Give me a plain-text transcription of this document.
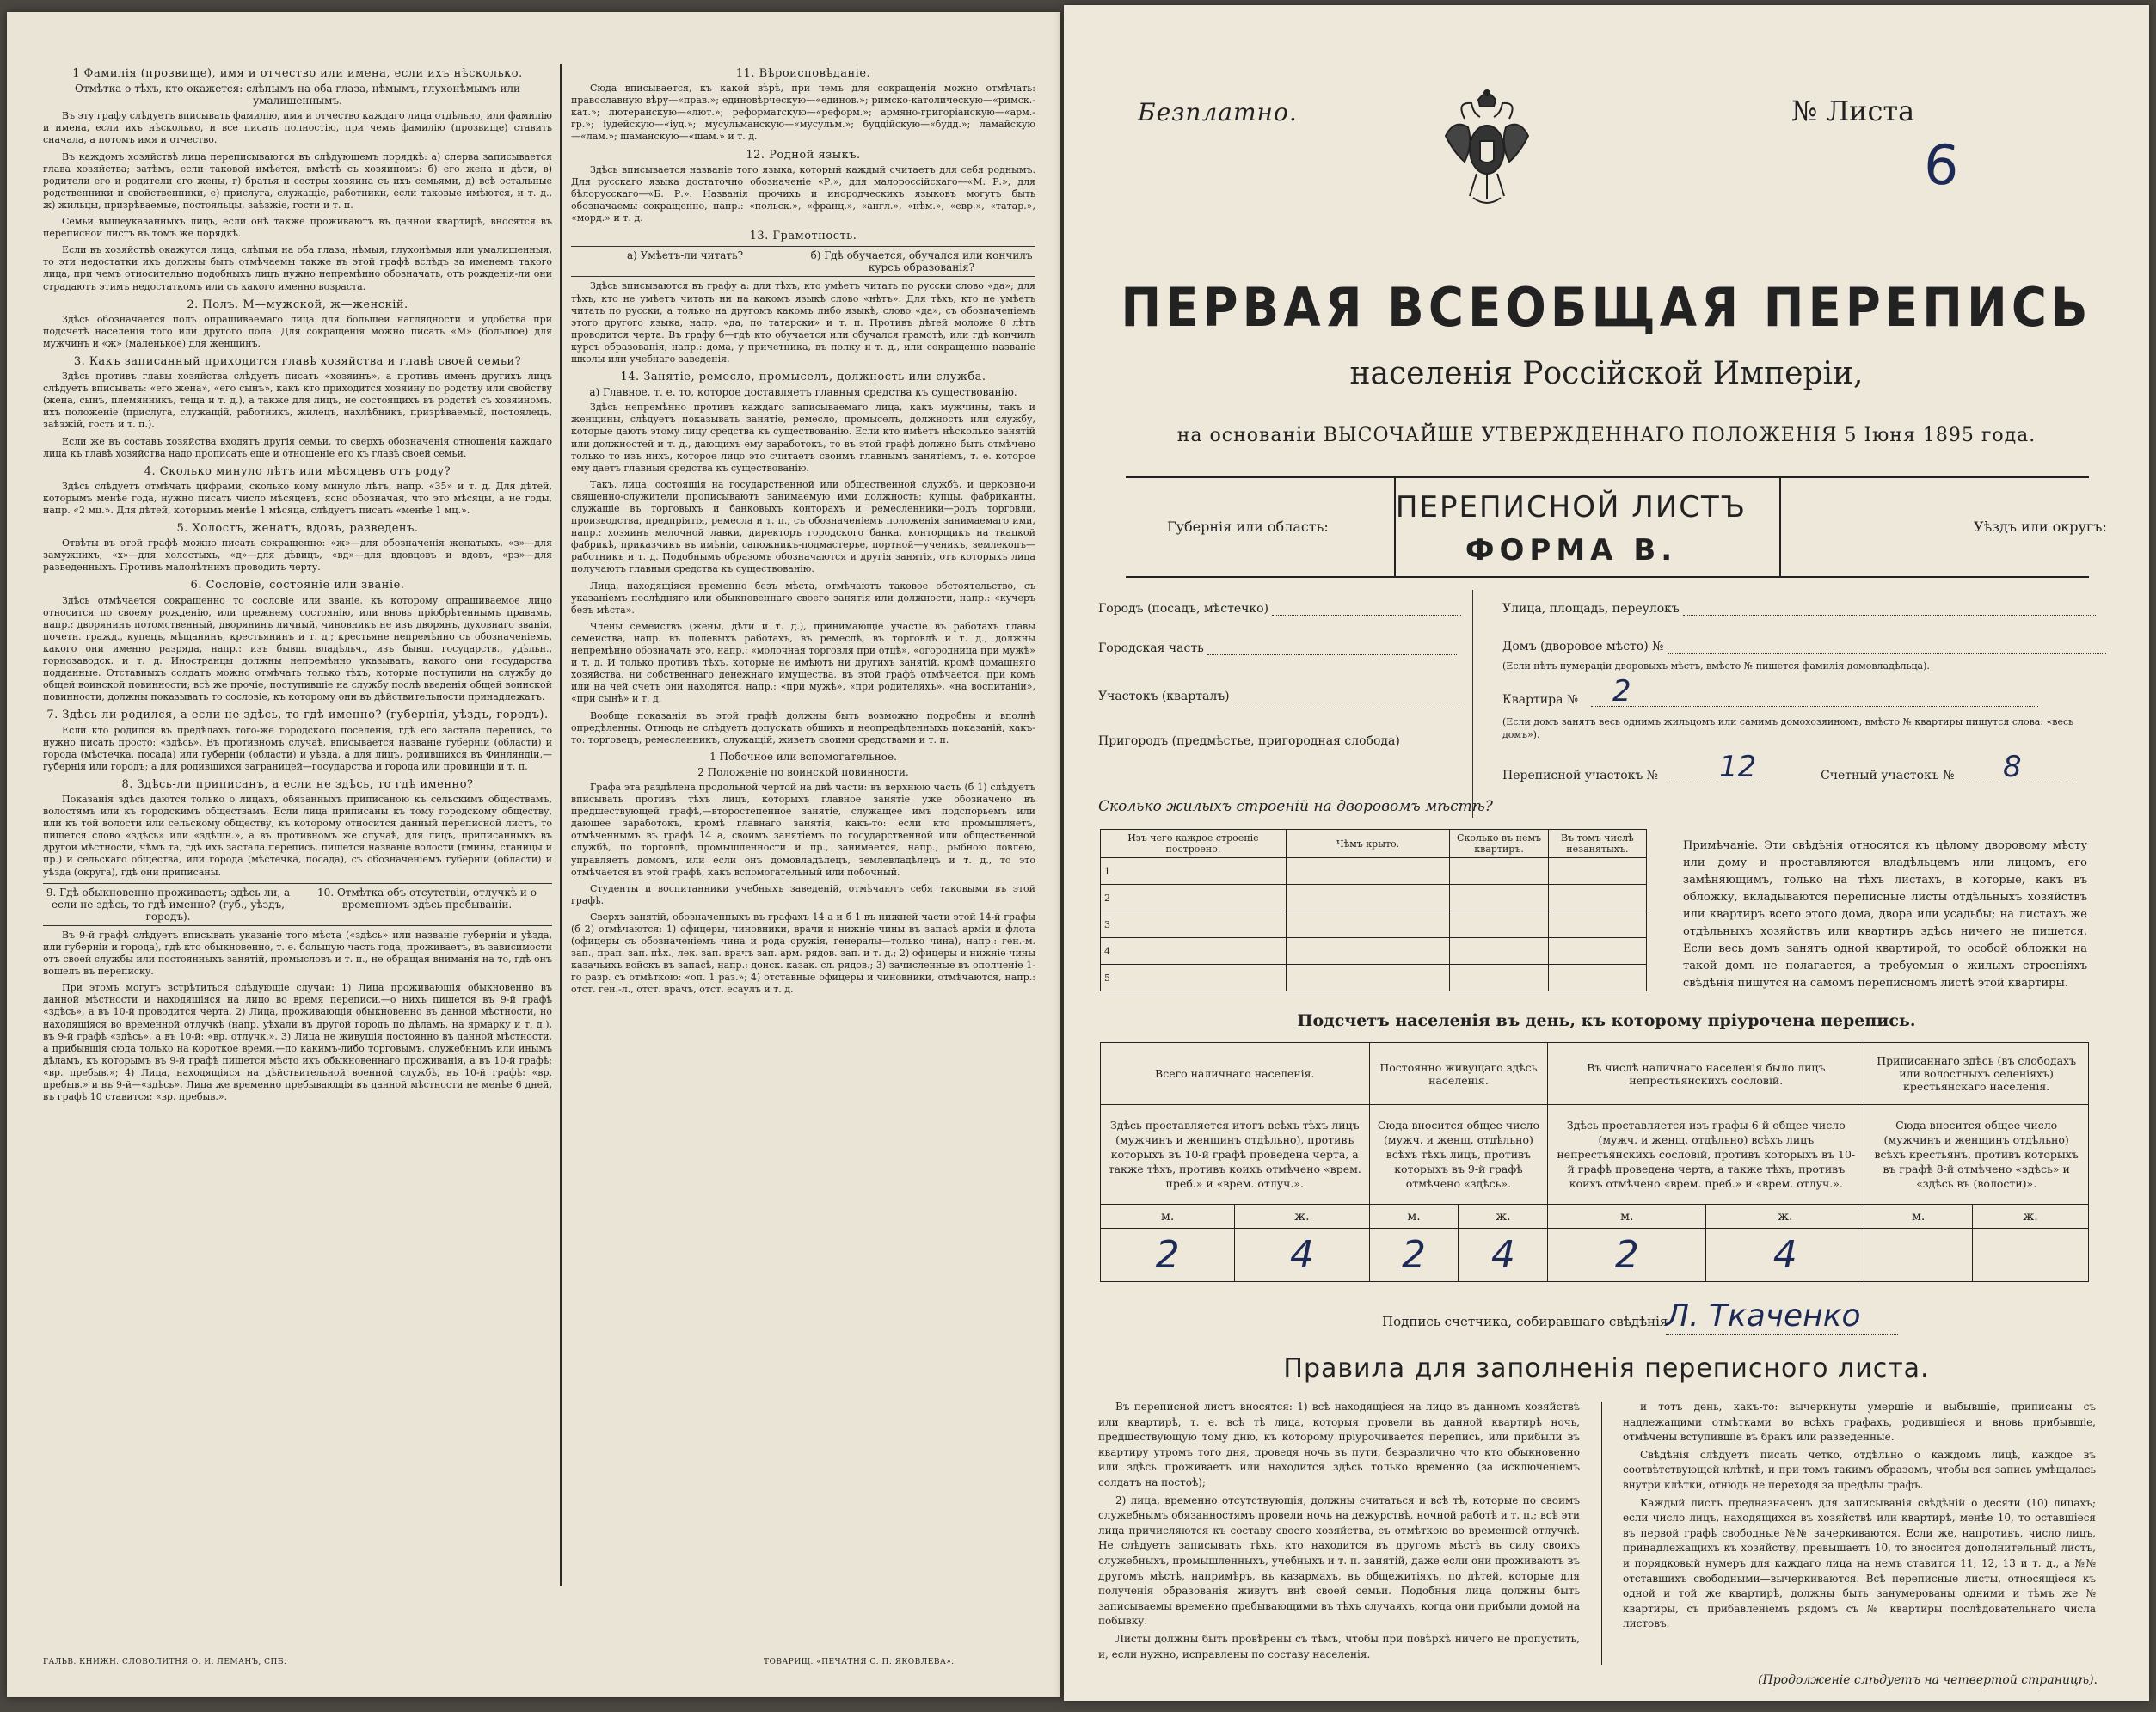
1 Фамилія (прозвище), имя и отчество или имена, если ихъ нѣсколько.
Отмѣтка о тѣхъ, кто окажется: слѣпымъ на оба глаза, нѣмымъ, глухонѣмымъ или умалишеннымъ.

Въ эту графу слѣдуетъ вписывать фамилію, имя и отчество каждаго лица отдѣльно, или фамилію и имена, если ихъ нѣсколько, и все писать полностію, при чемъ фамилію (прозвище) ставить сначала, а потомъ имя и отчество.

Въ каждомъ хозяйствѣ лица переписываются въ слѣдующемъ порядкѣ: а) сперва записывается глава хозяйства; затѣмъ, если таковой имѣется, вмѣстѣ съ хозяиномъ: б) его жена и дѣти, в) родители его и родители его жены, г) братья и сестры хозяина съ ихъ семьями, д) всѣ остальные родственники и свойственники, е) прислуга, служащіе, работники, если таковые имѣются, и т. д., ж) жильцы, призрѣваемые, постояльцы, заѣзжіе, гости и т. п.

Семьи вышеуказанныхъ лицъ, если онѣ также проживаютъ въ данной квартирѣ, вносятся въ переписной листъ въ томъ же порядкѣ.

Если въ хозяйствѣ окажутся лица, слѣпыя на оба глаза, нѣмыя, глухонѣмыя или умалишенныя, то эти недостатки ихъ должны быть отмѣчаемы также въ этой графѣ вслѣдъ за именемъ такого лица, при чемъ относительно подобныхъ лицъ нужно непремѣнно обозначать, отъ рожденія-ли они страдаютъ этимъ недостаткомъ или съ какого именно возраста.

2. Полъ. М—мужской, ж—женскій.

Здѣсь обозначается полъ опрашиваемаго лица для большей наглядности и удобства при подсчетѣ населенія того или другого пола. Для сокращенія можно писать «М» (большое) для мужчинъ и «ж» (маленькое) для женщинъ.

3. Какъ записанный приходится главѣ хозяйства и главѣ своей семьи?

Здѣсь противъ главы хозяйства слѣдуетъ писать «хозяинъ», а противъ именъ другихъ лицъ слѣдуетъ вписывать: «его жена», «его сынъ», какъ кто приходится хозяину по родству или свойству (жена, сынъ, племянникъ, теща и т. д.), а также для лицъ, не состоящихъ въ родствѣ съ хозяиномъ, ихъ положеніе (прислуга, служащій, работникъ, жилецъ, нахлѣбникъ, призрѣваемый, постоялецъ, заѣзжій, гость и т. п.).

Если же въ составъ хозяйства входятъ другія семьи, то сверхъ обозначенія отношенія каждаго лица къ главѣ хозяйства надо прописать еще и отношеніе его къ главѣ своей семьи.

4. Сколько минуло лѣтъ или мѣсяцевъ отъ роду?

Здѣсь слѣдуетъ отмѣчать цифрами, сколько кому минуло лѣтъ, напр. «35» и т. д. Для дѣтей, которымъ менѣе года, нужно писать число мѣсяцевъ, ясно обозначая, что это мѣсяцы, а не годы, напр. «2 мц.». Для дѣтей, которымъ менѣе 1 мѣсяца, слѣдуетъ писать «менѣе 1 мц.».

5. Холостъ, женатъ, вдовъ, разведенъ.

Отвѣты въ этой графѣ можно писать сокращенно: «ж»—для обозначенія женатыхъ, «з»—для замужнихъ, «х»—для холостыхъ, «д»—для дѣвицъ, «вд»—для вдовцовъ и вдовъ, «рз»—для разведенныхъ. Противъ малолѣтнихъ проводить черту.

6. Сословіе, состояніе или званіе.

Здѣсь отмѣчается сокращенно то сословіе или званіе, къ которому опрашиваемое лицо относится по своему рожденію, или прежнему состоянію, или вновь пріобрѣтеннымъ правамъ, напр.: дворянинъ потомственный, дворянинъ личный, чиновникъ не изъ дворянъ, духовнаго званія, почетн. гражд., купецъ, мѣщанинъ, крестьянинъ и т. д.; крестьяне непремѣнно съ обозначеніемъ, какого они именно разряда, напр.: изъ бывш. владѣльч., изъ бывш. государств., удѣльн., горнозаводск. и т. д. Иностранцы должны непремѣнно указывать, какого они государства подданные. Отставныхъ солдатъ можно отмѣчать только тѣхъ, которые поступили на службу до общей воинской повинности; всѣ же прочіе, поступившіе на службу послѣ введенія общей воинской повинности, должны показывать то сословіе, къ которому они въ дѣйствительности принадлежатъ.

7. Здѣсь-ли родился, а если не здѣсь, то гдѣ именно? (губернія, уѣздъ, городъ).

Если кто родился въ предѣлахъ того-же городского поселенія, гдѣ его застала перепись, то нужно писать просто: «здѣсь». Въ противномъ случаѣ, вписывается названіе губерніи (области) и города (мѣстечка, посада) или губерніи (области) и уѣзда, а для лицъ, родившихся въ Финляндіи,—губернія или городъ; а для родившихся заграницей—государства и города или провинціи и т. п.

8. Здѣсь-ли приписанъ, а если не здѣсь, то гдѣ именно?

Показанія здѣсь даются только о лицахъ, обязанныхъ приписаною къ сельскимъ обществамъ, волостямъ или къ городскимъ обществамъ. Если лица приписаны къ тому городскому обществу, или къ той волости или сельскому обществу, къ которому относится данный переписной листъ, то пишется слово «здѣсь» или «здѣшн.», а въ противномъ же случаѣ, для лицъ, приписанныхъ въ другой мѣстности, чѣмъ та, гдѣ ихъ застала перепись, пишется названіе волости (гмины, станицы и пр.) и сельскаго общества, или города (мѣстечка, посада), съ обозначеніемъ губерніи (области) и уѣзда (округа), гдѣ они приписаны.

9. Гдѣ обыкновенно проживаетъ; здѣсь-ли, а если не здѣсь, то гдѣ именно? (губ., уѣздъ, городъ).
10. Отмѣтка объ отсутствіи, отлучкѣ и о временномъ здѣсь пребываніи.

Въ 9-й графѣ слѣдуетъ вписывать указаніе того мѣста («здѣсь» или названіе губерніи и уѣзда, или губерніи и города), гдѣ кто обыкновенно, т. е. большую часть года, проживаетъ, въ зависимости отъ своей службы или постоянныхъ занятій, промысловъ и т. п., не обращая вниманія на то, гдѣ онъ вошелъ въ переписку.

При этомъ могутъ встрѣтиться слѣдующіе случаи: 1) Лица проживающія обыкновенно въ данной мѣстности и находящіяся на лицо во время переписи,—о нихъ пишется въ 9-й графѣ «здѣсь», а въ 10-й проводится черта. 2) Лица, проживающія обыкновенно въ данной мѣстности, но находящіяся во временной отлучкѣ (напр. уѣхали въ другой городъ по дѣламъ, на ярмарку и т. д.), въ 9-й графѣ «здѣсь», а въ 10-й: «вр. отлучк.». 3) Лица не живущія постоянно въ данной мѣстности, а прибывшія сюда только на короткое время,—по какимъ-либо торговымъ, служебнымъ или инымъ дѣламъ, къ которымъ въ 9-й графѣ пишется мѣсто ихъ обыкновеннаго проживанія, а въ 10-й графѣ: «вр. пребыв.»; 4) Лица, находящіяся на дѣйствительной военной службѣ, въ 10-й графѣ: «вр. пребыв.» и въ 9-й—«здѣсь». Лица же временно пребывающія въ данной мѣстности не менѣе 6 дней, въ графѣ 10 ставится: «вр. пребыв.».

11. Вѣроисповѣданіе.

Сюда вписывается, къ какой вѣрѣ, при чемъ для сокращенія можно отмѣчать: православную вѣру—«прав.»; единовѣрческую—«единов.»; римско-католическую—«римск.-кат.»; лютеранскую—«лют.»; реформатскую—«реформ.»; армяно-григоріанскую—«арм.-гр.»; іудейскую—«іуд.»; мусульманскую—«мусульм.»; буддійскую—«будд.»; ламайскую—«лам.»; шаманскую—«шам.» и т. д.

12. Родной языкъ.

Здѣсь вписывается названіе того языка, который каждый считаетъ для себя роднымъ. Для русскаго языка достаточно обозначеніе «Р.», для малороссійскаго—«М. Р.», для бѣлорусскаго—«Б. Р.». Названія прочихъ и инородческихъ языковъ могутъ быть обозначаемы сокращенно, напр.: «польск.», «франц.», «англ.», «нѣм.», «евр.», «татар.», «морд.» и т. д.

13. Грамотность.
а) Умѣетъ-ли читать?	б) Гдѣ обучается, обучался или кончилъ курсъ образованія?

Здѣсь вписываются въ графу а: для тѣхъ, кто умѣетъ читать по русски слово «да»; для тѣхъ, кто не умѣетъ читать ни на какомъ языкѣ слово «нѣтъ». Для тѣхъ, кто не умѣетъ читать по русски, а только на другомъ какомъ либо языкѣ, слово «да», съ обозначеніемъ этого другого языка, напр. «да, по татарски» и т. п. Противъ дѣтей моложе 8 лѣтъ проводится черта. Въ графу б—гдѣ кто обучается или обучался грамотѣ, или гдѣ кончилъ курсъ образованія, напр.: дома, у причетника, въ полку и т. д., или сокращенно названіе школы или учебнаго заведенія.

14. Занятіе, ремесло, промыселъ, должность или служба.
а) Главное, т. е. то, которое доставляетъ главныя средства къ существованію.

Здѣсь непремѣнно противъ каждаго записываемаго лица, какъ мужчины, такъ и женщины, слѣдуетъ показывать занятіе, ремесло, промыселъ, должность или службу, которые даютъ этому лицу средства къ существованію. Если кто имѣетъ нѣсколько занятій или должностей и т. д., дающихъ ему заработокъ, то въ этой графѣ должно быть отмѣчено только то изъ нихъ, которое лицо это считаетъ своимъ главнымъ занятіемъ, т. е. которое ему даетъ главныя средства къ существованію.

Такъ, лица, состоящія на государственной или общественной службѣ, и церковно-и священно-служители прописываютъ занимаемую ими должность; купцы, фабриканты, служащіе въ торговыхъ и банковыхъ конторахъ и ремесленники—родъ торговли, производства, предпріятія, ремесла и т. п., съ обозначеніемъ положенія занимаемаго ими, напр.: хозяинъ мелочной лавки, директоръ городского банка, конторщикъ на ткацкой фабрикѣ, приказчикъ въ имѣніи, сапожникъ-подмастерье, портной—ученикъ, землекопъ—работникъ и т. д. Подобнымъ образомъ обозначаются и другія занятія, отъ которыхъ лица получаютъ главныя средства къ существованію.

Лица, находящіяся временно безъ мѣста, отмѣчаютъ таковое обстоятельство, съ указаніемъ послѣдняго или обыкновеннаго своего занятія или должности, напр.: «кучеръ безъ мѣста».

Члены семействъ (жены, дѣти и т. д.), принимающіе участіе въ работахъ главы семейства, напр. въ полевыхъ работахъ, въ ремеслѣ, въ торговлѣ и т. д., должны непремѣнно обозначать это, напр.: «молочная торговля при отцѣ», «огородница при мужѣ» и т. д. И только противъ тѣхъ, которые не имѣютъ ни другихъ занятій, кромѣ домашняго хозяйства, ни собственнаго денежнаго имущества, въ этой графѣ отмѣчается, при комъ или на чей счетъ они находятся, напр.: «при мужѣ», «при родителяхъ», «на воспитаніи», «при сынѣ» и т. д.

Вообще показанія въ этой графѣ должны быть возможно подробны и вполнѣ опредѣленны. Отнюдь не слѣдуетъ допускать общихъ и неопредѣленныхъ показаній, какъ-то: торговецъ, ремесленникъ, служащій, живетъ своими средствами и т. п.

1 Побочное или вспомогательное.
2 Положеніе по воинской повинности.

Графа эта раздѣлена продольной чертой на двѣ части: въ верхнюю часть (б 1) слѣдуетъ вписывать противъ тѣхъ лицъ, которыхъ главное занятіе уже обозначено въ предшествующей графѣ,—второстепенное занятіе, служащее имъ подспорьемъ или дающее заработокъ, кромѣ главнаго занятія, какъ-то: если кто промышляетъ, отмѣченнымъ въ графѣ 14 а, своимъ занятіемъ по государственной или общественной службѣ, по торговлѣ, промышленности и пр., занимается, напр., рыбною ловлею, управляетъ домомъ, или если онъ домовладѣлецъ, землевладѣлецъ и т. д., то это отмѣчается въ этой графѣ, какъ вспомогательный или побочный.

Студенты и воспитанники учебныхъ заведеній, отмѣчаютъ себя таковыми въ этой графѣ.

Сверхъ занятій, обозначенныхъ въ графахъ 14 а и б 1 въ нижней части этой 14-й графы (б 2) отмѣчаются: 1) офицеры, чиновники, врачи и нижніе чины въ запасѣ арміи и флота (офицеры съ обозначеніемъ чина и рода оружія, генералы—только чина), напр.: ген.-м. зап., прап. зап. пѣх., лек. зап. врачъ зап. арм. рядов. зап. и т. д.; 2) офицеры и нижніе чины казачьихъ войскъ въ запасѣ, напр.: донск. казак. сл. рядов.; 3) зачисленные въ ополченіе 1-го разр. съ отмѣткою: «оп. 1 раз.»; 4) отставные офицеры и чиновники, отмѣчаются, напр.: отст. ген.-л., отст. врачъ, отст. есаулъ и т. д.

ГАЛЬВ. КНИЖН. СЛОВОЛИТНЯ О. И. ЛЕМАНЪ, СПБ.	ТОВАРИЩ. «ПЕЧАТНЯ С. П. ЯКОВЛЕВА».
Безплатно.	№ Листа
6
ПЕРВАЯ ВСЕОБЩАЯ ПЕРЕПИСЬ
населенія Россійской Имперіи,
на основаніи ВЫСОЧАЙШЕ УТВЕРЖДЕННАГО ПОЛОЖЕНІЯ 5 Іюня 1895 года.
Губернія или область:
ПЕРЕПИСНОЙ ЛИСТЪ
ФОРМА В.
Уѣздъ или округъ:
Городъ (посадъ, мѣстечко)
Городская часть
Участокъ (кварталъ)
Пригородъ (предмѣстье, пригородная слобода)
Улица, площадь, переулокъ
Домъ (дворовое мѣсто) №
(Если нѣтъ нумераціи дворовыхъ мѣстъ, вмѣсто № пишется фамилія домовладѣльца).
Квартира № 2
(Если домъ занятъ весь однимъ жильцомъ или самимъ домохозяиномъ, вмѣсто № квартиры пишутся слова: «весь домъ»).
Переписной участокъ № 12	Счетный участокъ № 8
Сколько жилыхъ строеній на дворовомъ мѣстѣ?
Изъ чего каждое строеніе построено.	Чѣмъ крыто.	Сколько въ немъ квартиръ.	Въ томъ числѣ незанятыхъ.
1			
2			
3			
4			
5			
Примѣчаніе. Эти свѣдѣнія относятся къ цѣлому дворовому мѣсту или дому и проставляются владѣльцемъ или лицомъ, его замѣняющимъ, только на тѣхъ листахъ, в которые, какъ въ обложку, вкладываются переписные листы отдѣльныхъ хозяйствъ или квартиръ всего этого дома, двора или усадьбы; на листахъ же отдѣльныхъ хозяйствъ или квартиръ здѣсь ничего не пишется. Если весь домъ занятъ одной квартирой, то особой обложки на такой домъ не полагается, а требуемыя о жилыхъ строеніяхъ свѣдѣнія пишутся на самомъ переписномъ листѣ этой квартиры.
Подсчетъ населенія въ день, къ которому пріурочена перепись.
Всего наличнаго населенія.		Постоянно живущаго здѣсь населенія.		Въ числѣ наличнаго населенія было лицъ непрестьянскихъ сословій.		Приписаннаго здѣсь (въ слободахъ или волостныхъ селеніяхъ) крестьянскаго населенія.	
Здѣсь проставляется итогъ всѣхъ тѣхъ лицъ (мужчинъ и женщинъ отдѣльно), противъ которыхъ въ 10-й графѣ проведена черта, а также тѣхъ, противъ коихъ отмѣчено «врем. преб.» и «врем. отлуч.».		Сюда вносится общее число (мужч. и женщ. отдѣльно) всѣхъ тѣхъ лицъ, противъ которыхъ въ 9-й графѣ отмѣчено «здѣсь».		Здѣсь проставляется изъ графы 6-й общее число (мужч. и женщ. отдѣльно) всѣхъ лицъ непрестьянскихъ сословій, противъ которыхъ въ 10-й графѣ проведена черта, а также тѣхъ, противъ коихъ отмѣчено «врем. преб.» и «врем. отлуч.».		Сюда вносится общее число (мужчинъ и женщинъ отдѣльно) всѣхъ крестьянъ, противъ которыхъ въ графѣ 8-й отмѣчено «здѣсь» и «здѣсь въ (волости)».	
м.	ж.	м.	ж.	м.	ж.	м.	ж.
2	4	2	4	2	4		
Подпись счетчика, собиравшаго свѣдѣнія
Л. Ткаченко
Правила для заполненія переписного листа.

Въ переписной листъ вносятся: 1) всѣ находящіеся на лицо въ данномъ хозяйствѣ или квартирѣ, т. е. всѣ тѣ лица, которыя провели въ данной квартирѣ ночь, предшествующую тому дню, къ которому пріурочивается перепись, или прибыли въ квартиру утромъ того дня, проведя ночь въ пути, безразлично что кто обыкновенно или здѣсь проживаетъ или находится здѣсь только временно (за исключеніемъ солдатъ на постоѣ);

2) лица, временно отсутствующія, должны считаться и всѣ тѣ, которые по своимъ служебнымъ обязанностямъ провели ночь на дежурствѣ, ночной работѣ и т. п.; всѣ эти лица причисляются къ составу своего хозяйства, съ отмѣткою во временной отлучкѣ. Не слѣдуетъ записывать тѣхъ, кто находится въ другомъ мѣстѣ въ силу своихъ служебныхъ, промышленныхъ, учебныхъ и т. п. занятій, даже если они проживаютъ въ другомъ мѣстѣ, напримѣръ, въ казармахъ, въ общежитіяхъ, по дѣтей, которые для полученія образованія живутъ внѣ своей семьи. Подобныя лица должны быть записываемы временно пребывающими въ тѣхъ случаяхъ, когда они прибыли домой на побывку.

Листы должны быть провѣрены съ тѣмъ, чтобы при повѣркѣ ничего не пропустить, и, если нужно, исправлены по составу населенія.

и тотъ день, какъ-то: вычеркнуты умершіе и выбывшіе, приписаны съ надлежащими отмѣтками во всѣхъ графахъ, родившіеся и вновь прибывшіе, отмѣчены вступившіе въ бракъ или разведенные.

Свѣдѣнія слѣдуетъ писать четко, отдѣльно о каждомъ лицѣ, каждое въ соотвѣтствующей клѣткѣ, и при томъ такимъ образомъ, чтобы вся запись умѣщалась внутри клѣтки, отнюдь не переходя за предѣлы графъ.

Каждый листъ предназначенъ для записыванія свѣдѣній о десяти (10) лицахъ; если число лицъ, находящихся въ хозяйствѣ или квартирѣ, менѣе 10, то оставшіеся въ первой графѣ свободные №№ зачеркиваются. Если же, напротивъ, число лицъ, принадлежащихъ къ хозяйству, превышаетъ 10, то вносится дополнительный листъ, и порядковый нумеръ для каждаго лица на немъ ставится 11, 12, 13 и т. д., а №№ отставшихъ свободными—вычеркиваются. Всѣ переписные листы, относящіеся къ одной и той же квартирѣ, должны быть занумерованы одними и тѣмъ же № квартиры, съ прибавленіемъ рядомъ съ № квартиры послѣдовательнаго числа листовъ.

(Продолженіе слѣдуетъ на четвертой страницѣ).
